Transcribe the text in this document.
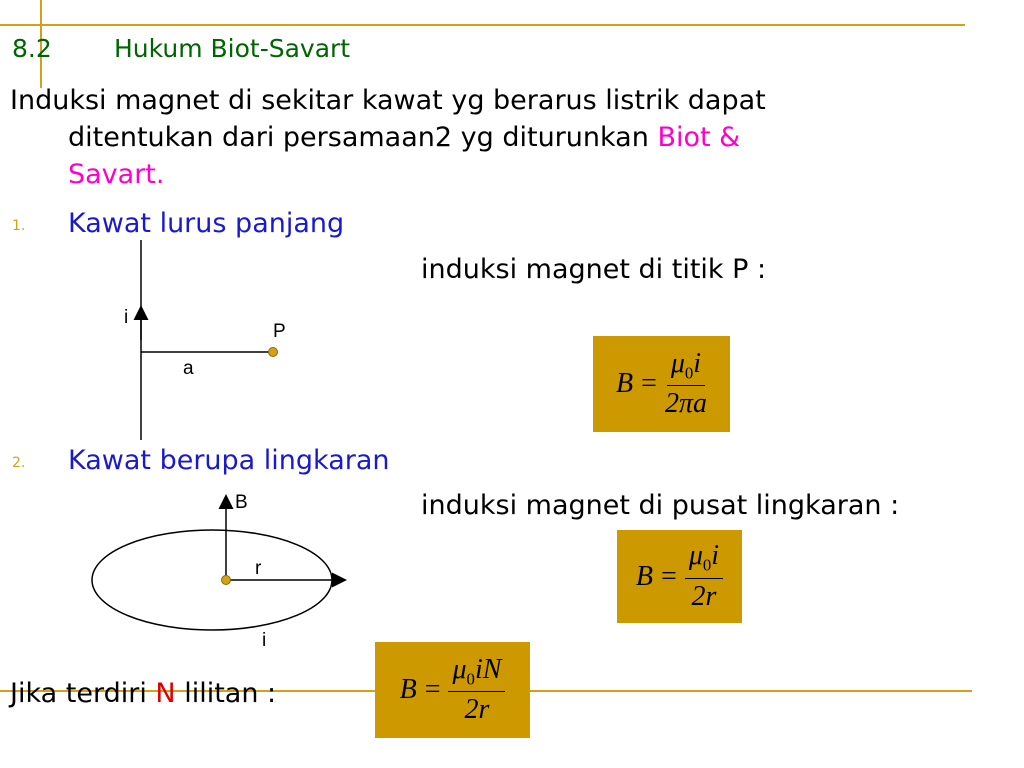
8.2 Hukum Biot-Savart
Induksi magnet di sekitar kawat yg berarus listrik dapat
ditentukan dari persamaan2 yg diturunkan Biot &
Savart.
1. Kawat lurus panjang
induksi magnet di titik P :
2. Kawat berupa lingkaran
induksi magnet di pusat lingkaran :
Jika terdiri N lilitan :
i
P
a
B
r
i
$B = \frac{\mu_0i}{2\pi a}$
$B = \frac{\mu_0i}{2r}$
$B = \frac{\mu_0iN}{2r}$
